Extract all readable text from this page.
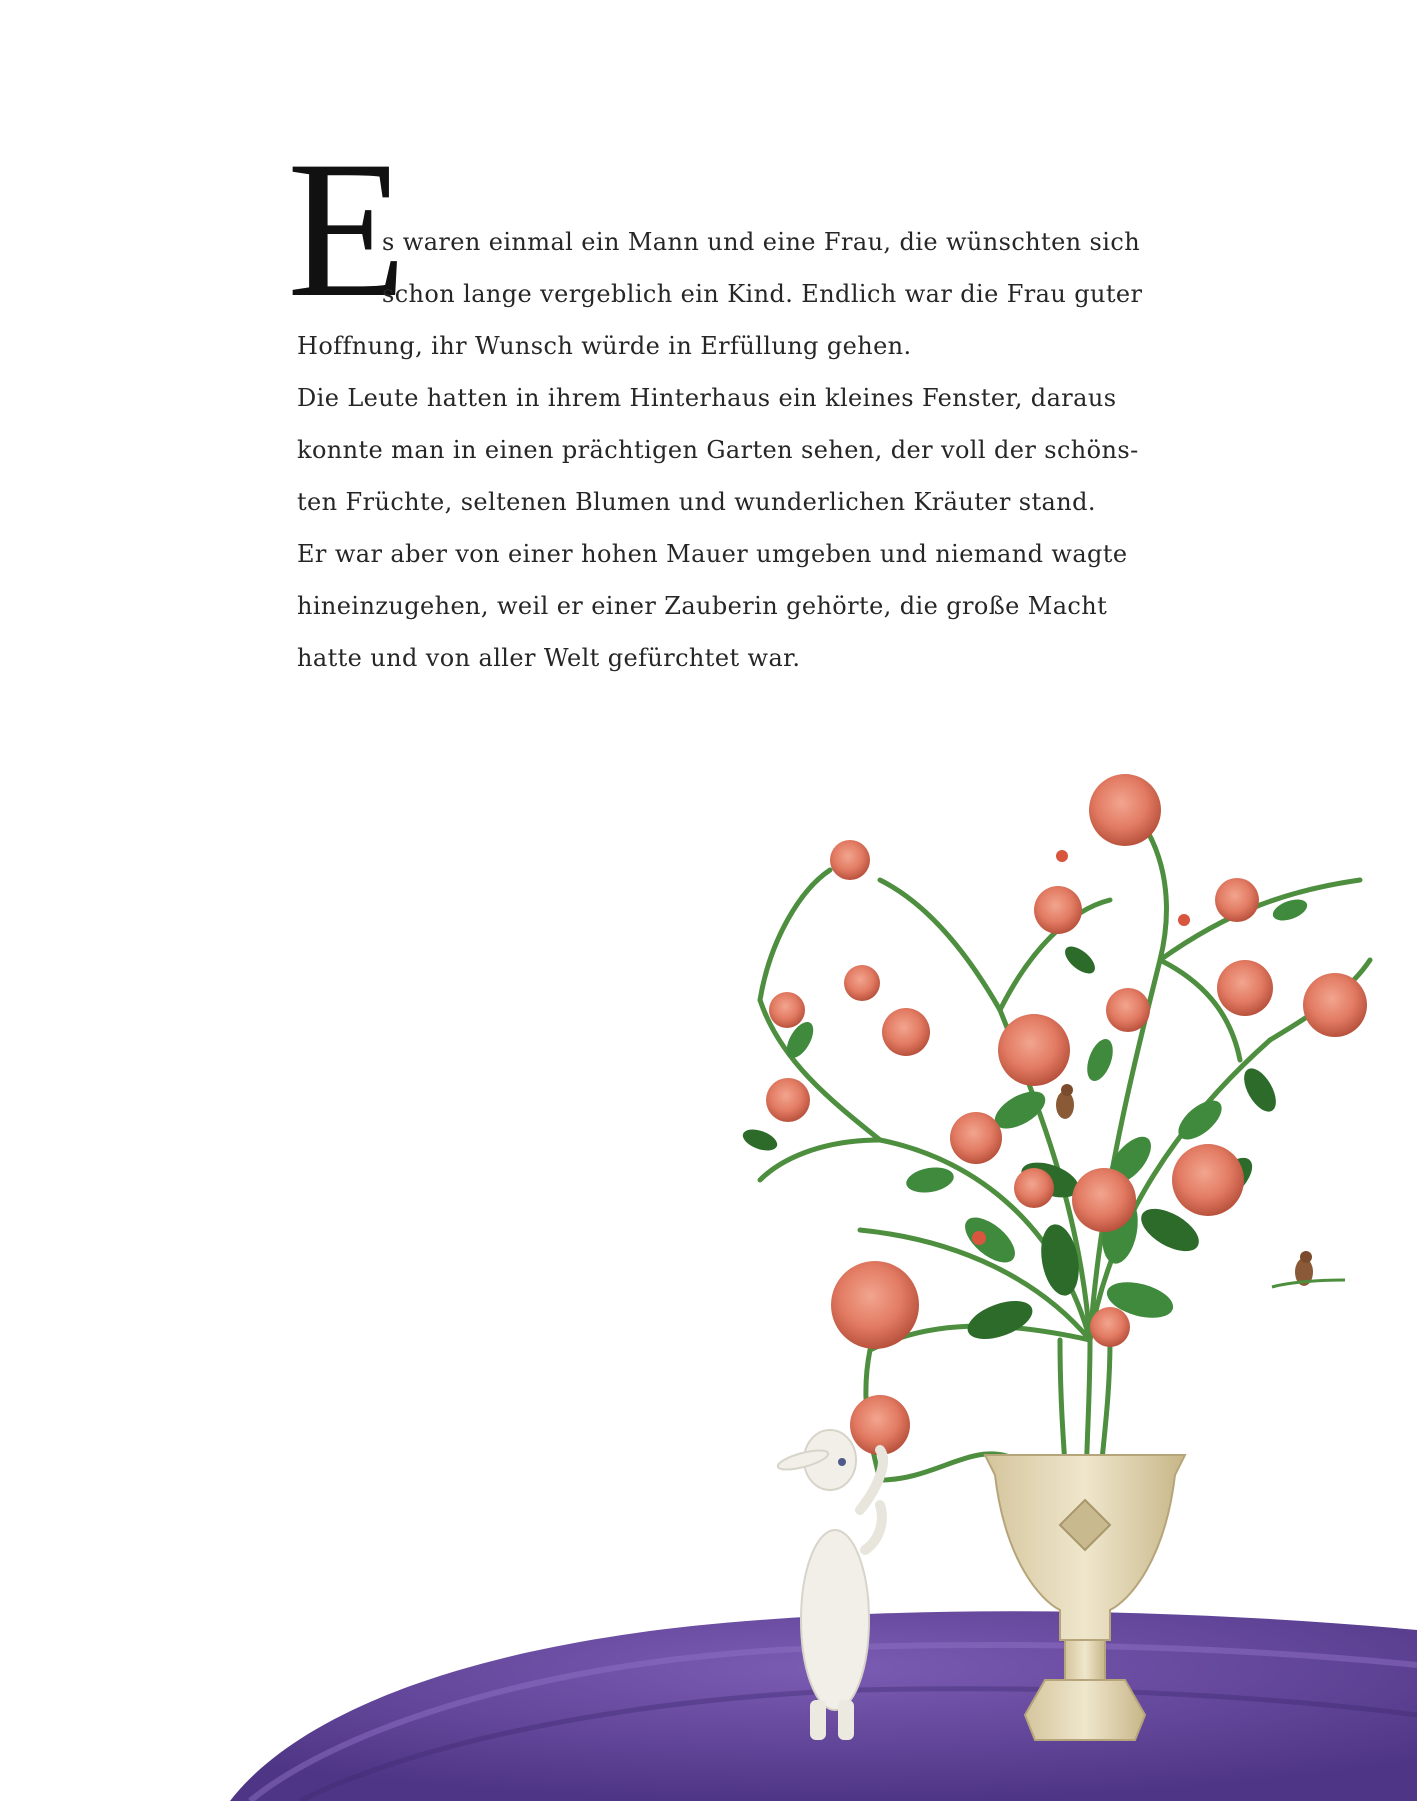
E
s waren einmal ein Mann und eine Frau, die wünschten sich
schon lange vergeblich ein Kind. Endlich war die Frau guter
Hoffnung, ihr Wunsch würde in Erfüllung gehen.
Die Leute hatten in ihrem Hinterhaus ein kleines Fenster, daraus
konnte man in einen prächtigen Garten sehen, der voll der schöns-
ten Früchte, seltenen Blumen und wunderlichen Kräuter stand.
Er war aber von einer hohen Mauer umgeben und niemand wagte
hineinzugehen, weil er einer Zauberin gehörte, die große Macht
hatte und von aller Welt gefürchtet war.
